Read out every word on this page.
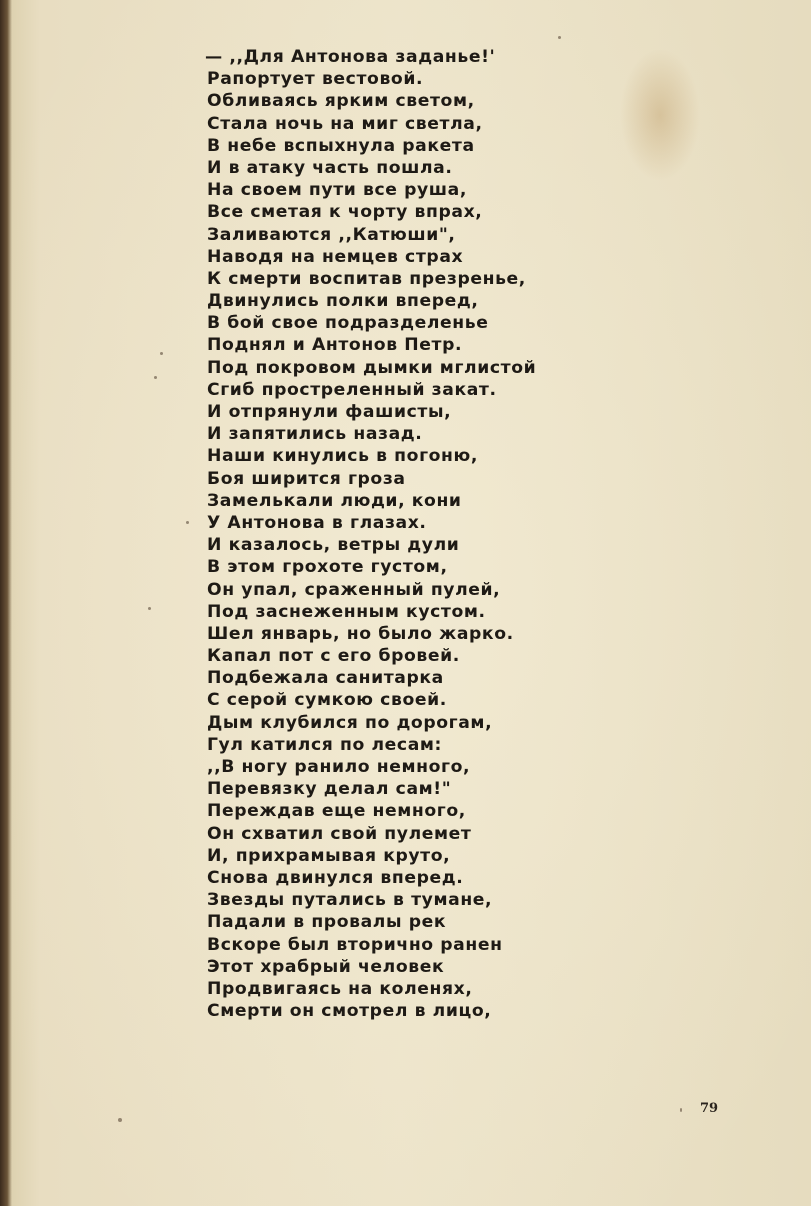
— ,,Для Антонова заданье!'
Рапортует вестовой.
Обливаясь ярким светом,
Стала ночь на миг светла,
В небе вспыхнула ракета
И в атаку часть пошла.
На своем пути все руша,
Все сметая к чорту впрах,
Заливаются ,,Катюши",
Наводя на немцев страх
К смерти воспитав презренье,
Двинулись полки вперед,
В бой свое подразделенье
Поднял и Антонов Петр.
Под покровом дымки мглистой
Сгиб простреленный закат.
И отпрянули фашисты,
И запятились назад.
Наши кинулись в погоню,
Боя ширится гроза
Замелькали люди, кони
У Антонова в глазах.
И казалось, ветры дули
В этом грохоте густом,
Он упал, сраженный пулей,
Под заснеженным кустом.
Шел январь, но было жарко.
Капал пот с его бровей.
Подбежала санитарка
С серой сумкою своей.
Дым клубился по дорогам,
Гул катился по лесам:
,,В ногу ранило немного,
Перевязку делал сам!"
Переждав еще немного,
Он схватил свой пулемет
И, прихрамывая круто,
Снова двинулся вперед.
Звезды путались в тумане,
Падали в провалы рек
Вскоре был вторично ранен
Этот храбрый человек
Продвигаясь на коленях,
Смерти он смотрел в лицо,
79
